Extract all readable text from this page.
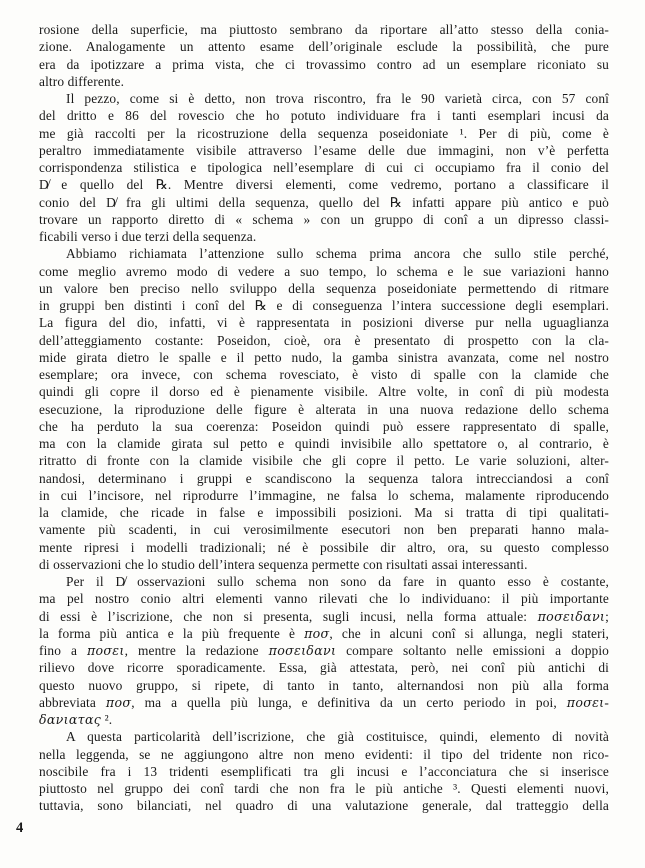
rosione della superficie, ma piuttosto sembrano da riportare all’atto stesso della conia-
zione. Analogamente un attento esame dell’originale esclude la possibilità, che pure
era da ipotizzare a prima vista, che ci trovassimo contro ad un esemplare riconiato su
altro differente.
Il pezzo, come si è detto, non trova riscontro, fra le 90 varietà circa, con 57 conî
del dritto e 86 del rovescio che ho potuto individuare fra i tanti esemplari incusi da
me già raccolti per la ricostruzione della sequenza poseidoniate ¹. Per di più, come è
peraltro immediatamente visibile attraverso l’esame delle due immagini, non v’è perfetta
corrispondenza stilistica e tipologica nell’esemplare di cui ci occupiamo fra il conio del
D̸ e quello del ℞. Mentre diversi elementi, come vedremo, portano a classificare il
conio del D̸ fra gli ultimi della sequenza, quello del ℞ infatti appare più antico e può
trovare un rapporto diretto di « schema » con un gruppo di conî a un dipresso classi-
ficabili verso i due terzi della sequenza.
Abbiamo richiamata l’attenzione sullo schema prima ancora che sullo stile perché,
come meglio avremo modo di vedere a suo tempo, lo schema e le sue variazioni hanno
un valore ben preciso nello sviluppo della sequenza poseidoniate permettendo di ritmare
in gruppi ben distinti i conî del ℞ e di conseguenza l’intera successione degli esemplari.
La figura del dio, infatti, vi è rappresentata in posizioni diverse pur nella uguaglianza
dell’atteggiamento costante: Poseidon, cioè, ora è presentato di prospetto con la cla-
mide girata dietro le spalle e il petto nudo, la gamba sinistra avanzata, come nel nostro
esemplare; ora invece, con schema rovesciato, è visto di spalle con la clamide che
quindi gli copre il dorso ed è pienamente visibile. Altre volte, in conî di più modesta
esecuzione, la riproduzione delle figure è alterata in una nuova redazione dello schema
che ha perduto la sua coerenza: Poseidon quindi può essere rappresentato di spalle,
ma con la clamide girata sul petto e quindi invisibile allo spettatore o, al contrario, è
ritratto di fronte con la clamide visibile che gli copre il petto. Le varie soluzioni, alter-
nandosi, determinano i gruppi e scandiscono la sequenza talora intrecciandosi a conî
in cui l’incisore, nel riprodurre l’immagine, ne falsa lo schema, malamente riproducendo
la clamide, che ricade in false e impossibili posizioni. Ma si tratta di tipi qualitati-
vamente più scadenti, in cui verosimilmente esecutori non ben preparati hanno mala-
mente ripresi i modelli tradizionali; né è possibile dir altro, ora, su questo complesso
di osservazioni che lo studio dell’intera sequenza permette con risultati assai interessanti.
Per il D̸ osservazioni sullo schema non sono da fare in quanto esso è costante,
ma pel nostro conio altri elementi vanno rilevati che lo individuano: il più importante
di essi è l’iscrizione, che non si presenta, sugli incusi, nella forma attuale: ποσειδανι;
la forma più antica e la più frequente è ποσ, che in alcuni conî si allunga, negli stateri,
fino a ποσει, mentre la redazione ποσειδανι compare soltanto nelle emissioni a doppio
rilievo dove ricorre sporadicamente. Essa, già attestata, però, nei conî più antichi di
questo nuovo gruppo, si ripete, di tanto in tanto, alternandosi non più alla forma
abbreviata ποσ, ma a quella più lunga, e definitiva da un certo periodo in poi, ποσει-
δανιατας ².
A questa particolarità dell’iscrizione, che già costituisce, quindi, elemento di novità
nella leggenda, se ne aggiungono altre non meno evidenti: il tipo del tridente non rico-
noscibile fra i 13 tridenti esemplificati tra gli incusi e l’acconciatura che si inserisce
piuttosto nel gruppo dei conî tardi che non fra le più antiche ³. Questi elementi nuovi,
tuttavia, sono bilanciati, nel quadro di una valutazione generale, dal tratteggio della
4
